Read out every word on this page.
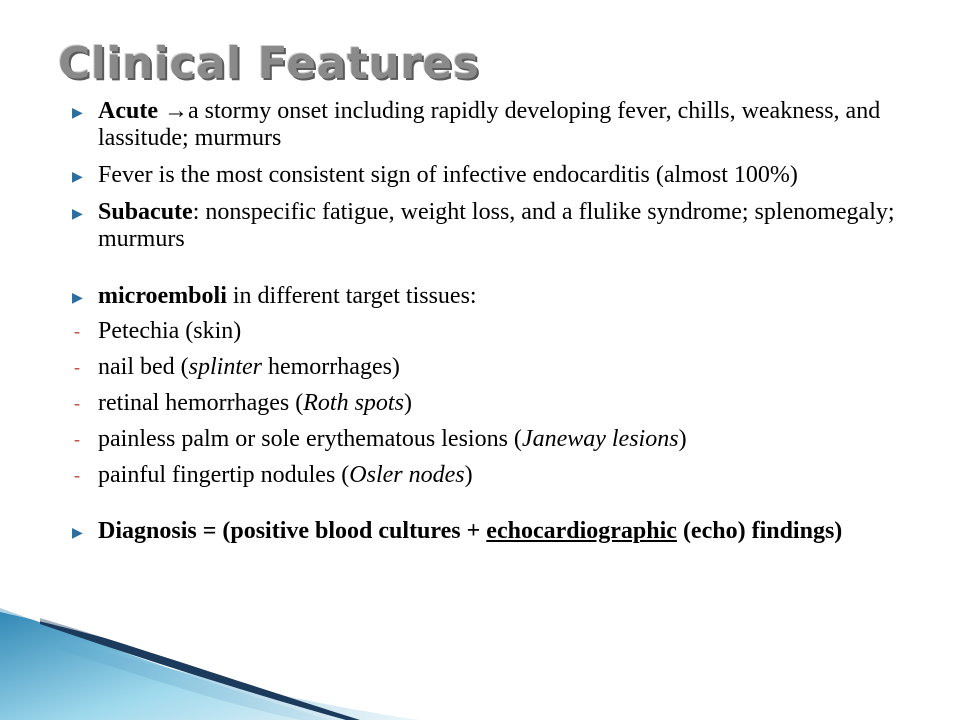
Clinical Features
▶ Acute →a stormy onset including rapidly developing fever, chills, weakness, and lassitude; murmurs
▶ Fever is the most consistent sign of infective endocarditis (almost 100%)
▶ Subacute: nonspecific fatigue, weight loss, and a flulike syndrome; splenomegaly; murmurs
▶ microemboli in different target tissues:
- Petechia (skin)
- nail bed (splinter hemorrhages)
- retinal hemorrhages (Roth spots)
- painless palm or sole erythematous lesions (Janeway lesions)
- painful fingertip nodules (Osler nodes)
▶ Diagnosis = (positive blood cultures + echocardiographic (echo) findings)
